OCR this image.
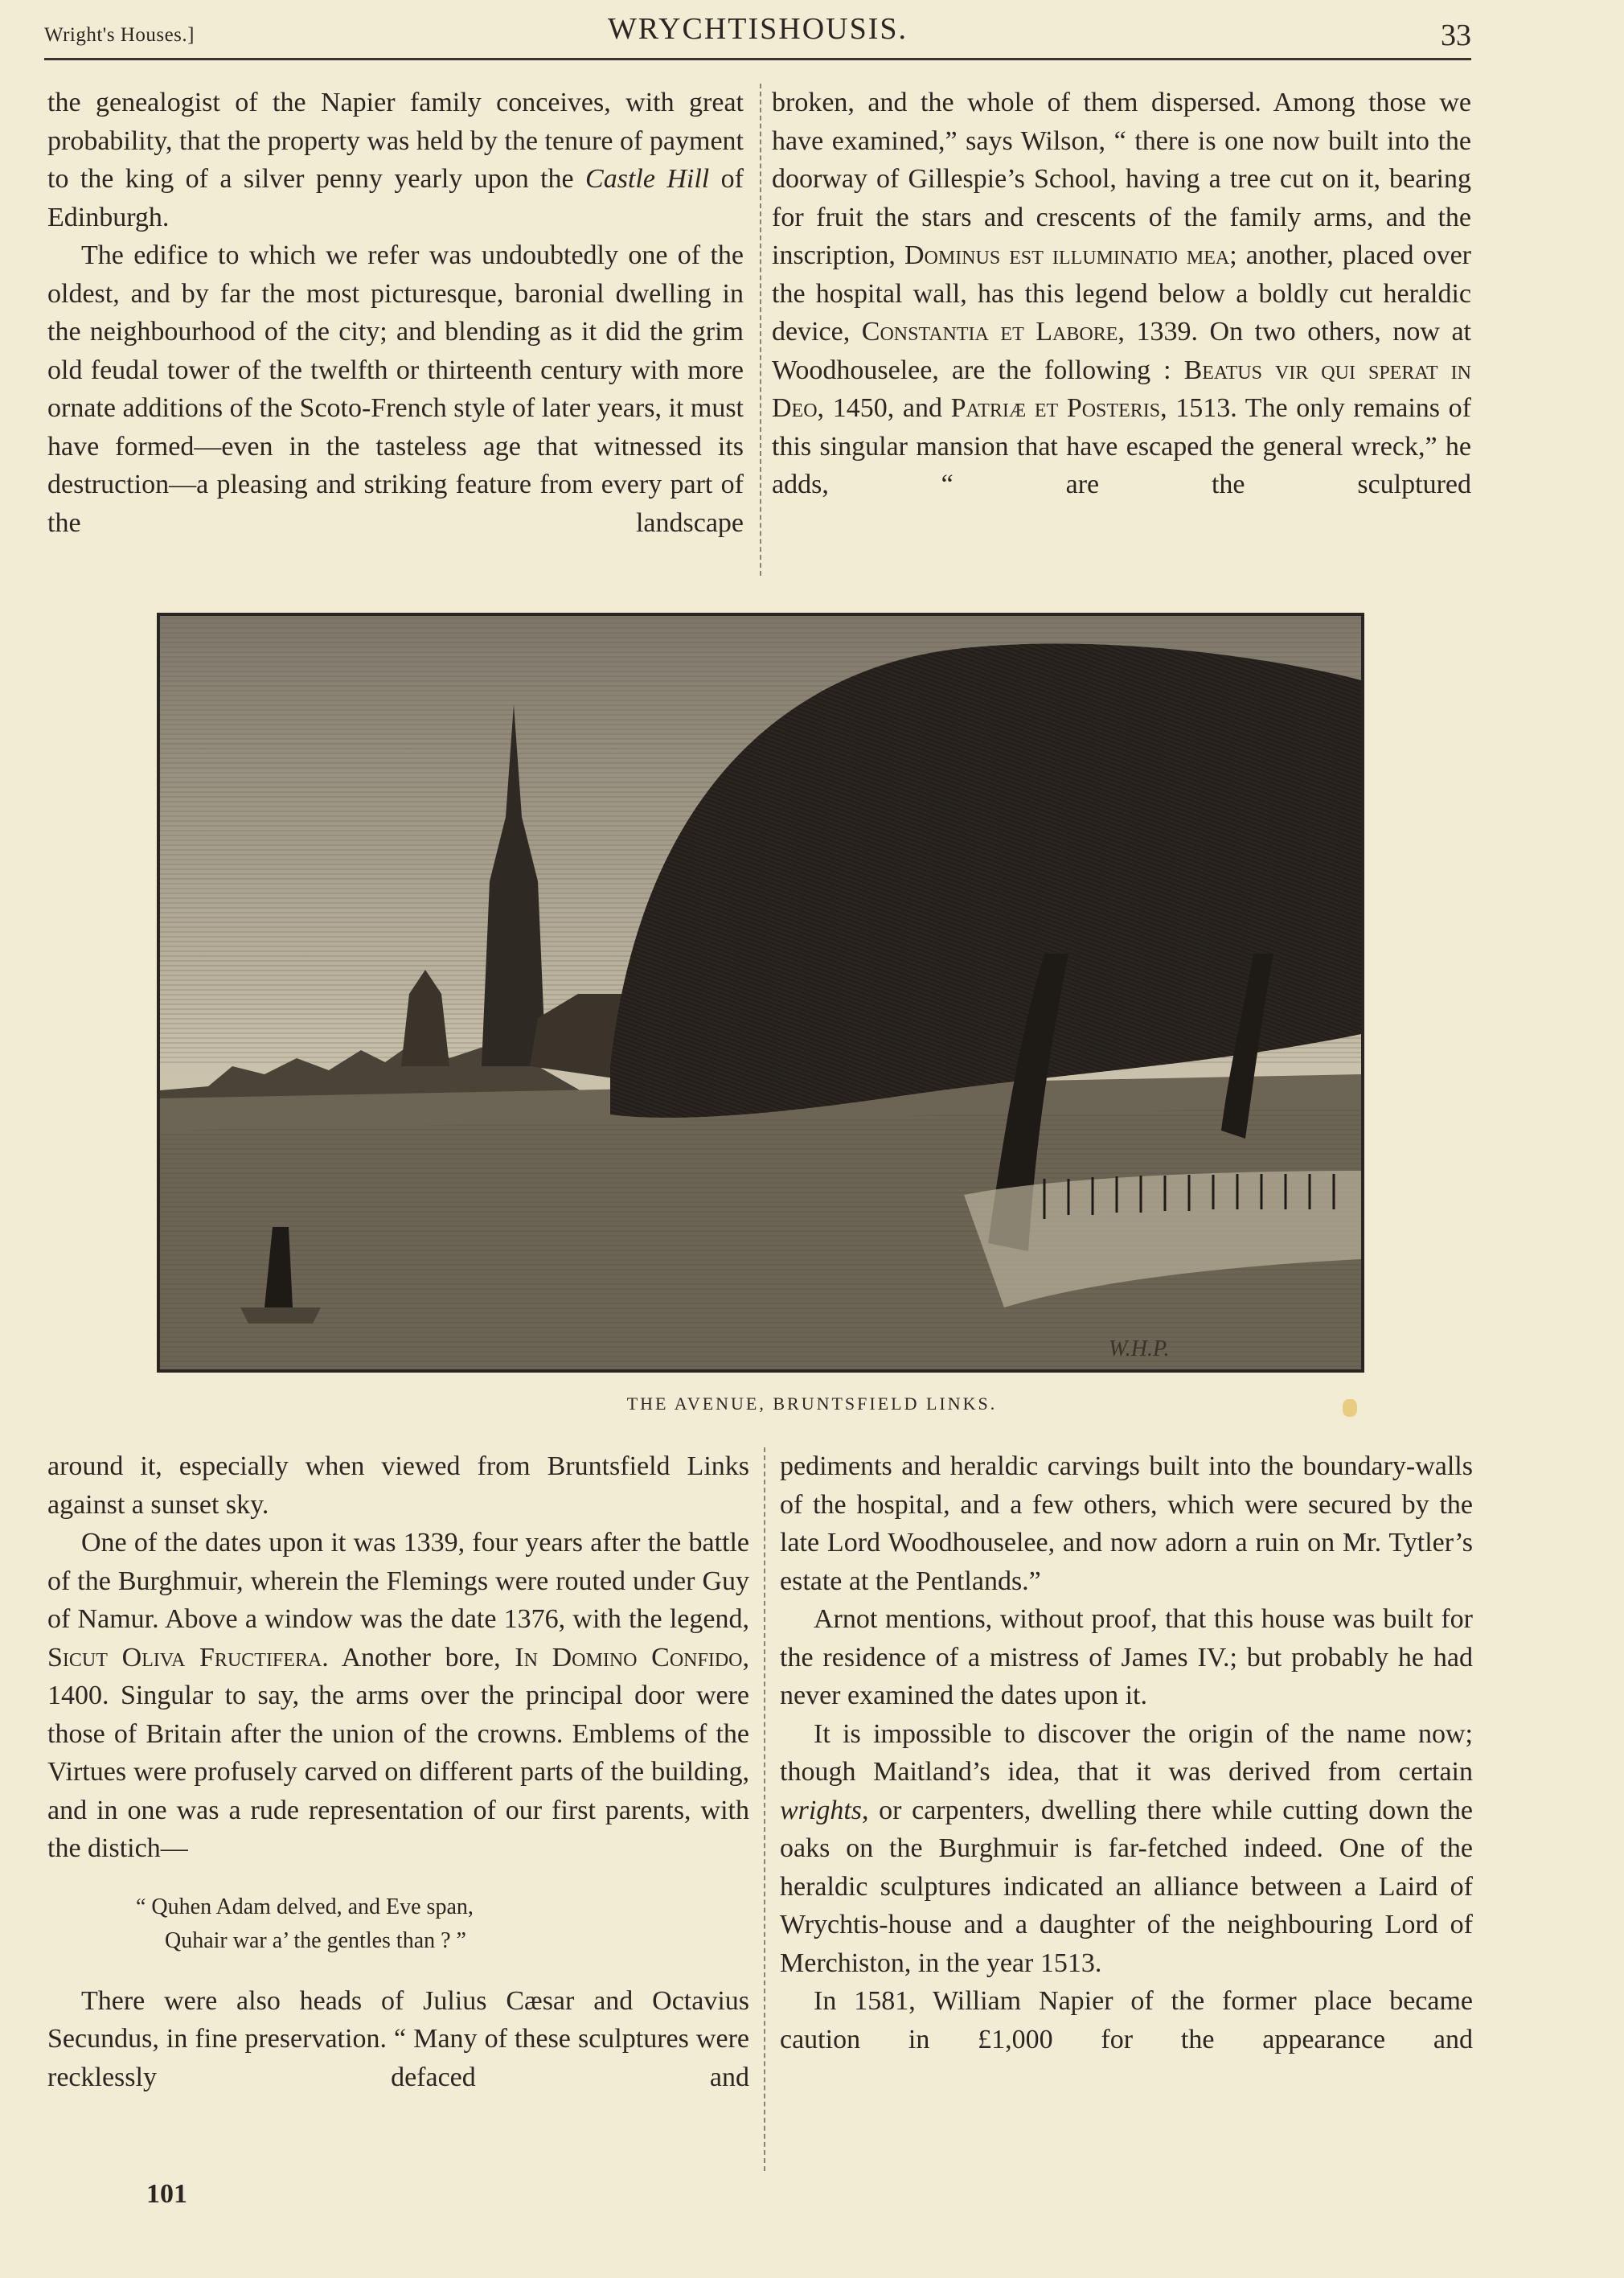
Wright's Houses.]	WRYCHTISHOUSIS.	33

the genealogist of the Napier family conceives, with great probability, that the property was held by the tenure of payment to the king of a silver penny yearly upon the Castle Hill of Edinburgh.

The edifice to which we refer was undoubtedly one of the oldest, and by far the most picturesque, baronial dwelling in the neighbourhood of the city; and blending as it did the grim old feudal tower of the twelfth or thirteenth century with more ornate additions of the Scoto-French style of later years, it must have formed—even in the tasteless age that witnessed its destruction—a pleasing and striking feature from every part of the landscape

broken, and the whole of them dispersed. Among those we have examined,” says Wilson, “ there is one now built into the doorway of Gillespie’s School, having a tree cut on it, bearing for fruit the stars and crescents of the family arms, and the inscription, Dominus est illuminatio mea; another, placed over the hospital wall, has this legend below a boldly cut heraldic device, Constantia et Labore, 1339. On two others, now at Woodhouselee, are the following : Beatus vir qui sperat in Deo, 1450, and Patriæ et Posteris, 1513. The only remains of this singular mansion that have escaped the general wreck,” he adds, “ are the sculptured

W.H.P.
THE AVENUE, BRUNTSFIELD LINKS.

around it, especially when viewed from Bruntsfield Links against a sunset sky.

One of the dates upon it was 1339, four years after the battle of the Burghmuir, wherein the Flemings were routed under Guy of Namur. Above a window was the date 1376, with the legend, Sicut Oliva Fructifera. Another bore, In Domino Confido, 1400. Singular to say, the arms over the principal door were those of Britain after the union of the crowns. Emblems of the Virtues were profusely carved on different parts of the building, and in one was a rude representation of our first parents, with the distich—

“ Quhen Adam delved, and Eve span,
Quhair war a’ the gentles than ? ”

There were also heads of Julius Cæsar and Octavius Secundus, in fine preservation. “ Many of these sculptures were recklessly defaced and

pediments and heraldic carvings built into the boundary-walls of the hospital, and a few others, which were secured by the late Lord Woodhouselee, and now adorn a ruin on Mr. Tytler’s estate at the Pentlands.”

Arnot mentions, without proof, that this house was built for the residence of a mistress of James IV.; but probably he had never examined the dates upon it.

It is impossible to discover the origin of the name now; though Maitland’s idea, that it was derived from certain wrights, or carpenters, dwelling there while cutting down the oaks on the Burghmuir is far-fetched indeed. One of the heraldic sculptures indicated an alliance between a Laird of Wrychtis-house and a daughter of the neighbouring Lord of Merchiston, in the year 1513.

In 1581, William Napier of the former place became caution in £1,000 for the appearance and

101
